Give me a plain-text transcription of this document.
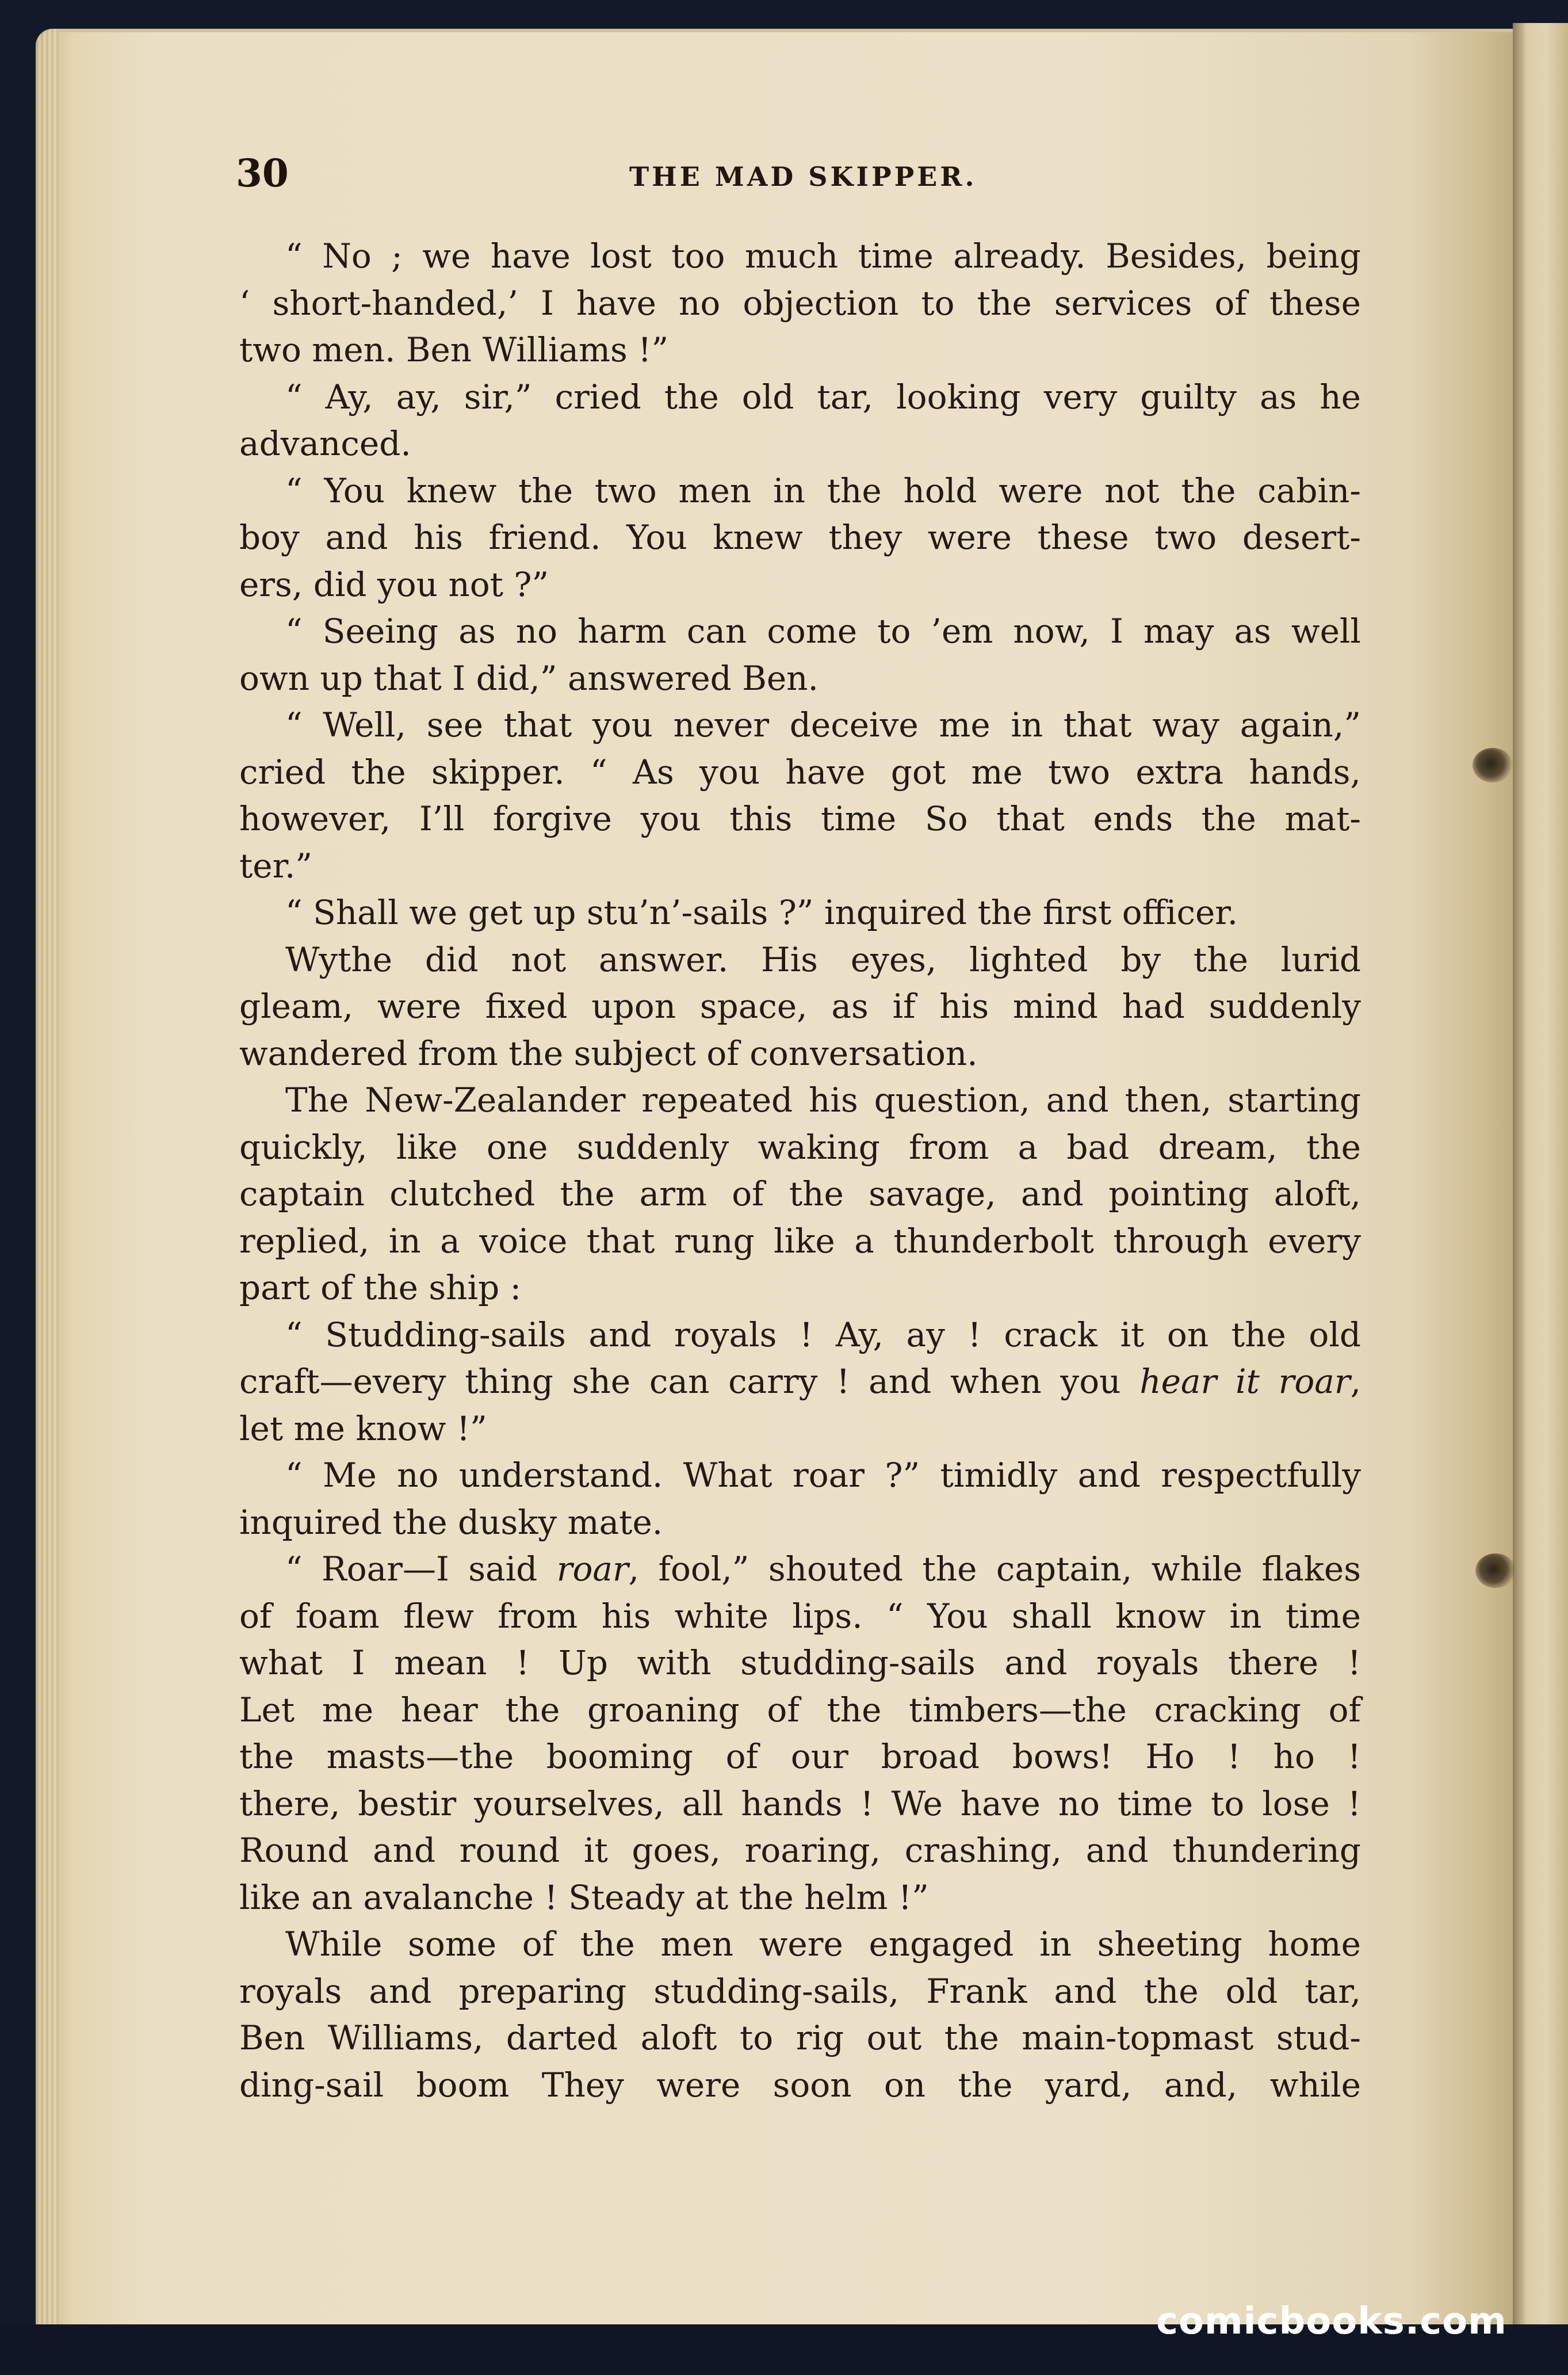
30	THE MAD SKIPPER.
“ No ; we have lost too much time already. Besides, being
‘ short-handed,’ I have no objection to the services of these
two men. Ben Williams !”
“ Ay, ay, sir,” cried the old tar, looking very guilty as he
advanced.
“ You knew the two men in the hold were not the cabin-
boy and his friend. You knew they were these two desert-
ers, did you not ?”
“ Seeing as no harm can come to ’em now, I may as well
own up that I did,” answered Ben.
“ Well, see that you never deceive me in that way again,”
cried the skipper. “ As you have got me two extra hands,
however, I’ll forgive you this time So that ends the mat-
ter.”
“ Shall we get up stu’n’-sails ?” inquired the first officer.
Wythe did not answer. His eyes, lighted by the lurid
gleam, were fixed upon space, as if his mind had suddenly
wandered from the subject of conversation.
The New-Zealander repeated his question, and then, starting
quickly, like one suddenly waking from a bad dream, the
captain clutched the arm of the savage, and pointing aloft,
replied, in a voice that rung like a thunderbolt through every
part of the ship :
“ Studding-sails and royals ! Ay, ay ! crack it on the old
craft—every thing she can carry ! and when you hear it roar,
let me know !”
“ Me no understand. What roar ?” timidly and respectfully
inquired the dusky mate.
“ Roar—I said roar, fool,” shouted the captain, while flakes
of foam flew from his white lips. “ You shall know in time
what I mean ! Up with studding-sails and royals there !
Let me hear the groaning of the timbers—the cracking of
the masts—the booming of our broad bows! Ho ! ho !
there, bestir yourselves, all hands ! We have no time to lose !
Round and round it goes, roaring, crashing, and thundering
like an avalanche ! Steady at the helm !”
While some of the men were engaged in sheeting home
royals and preparing studding-sails, Frank and the old tar,
Ben Williams, darted aloft to rig out the main-topmast stud-
ding-sail boom They were soon on the yard, and, while
comicbooks.com
